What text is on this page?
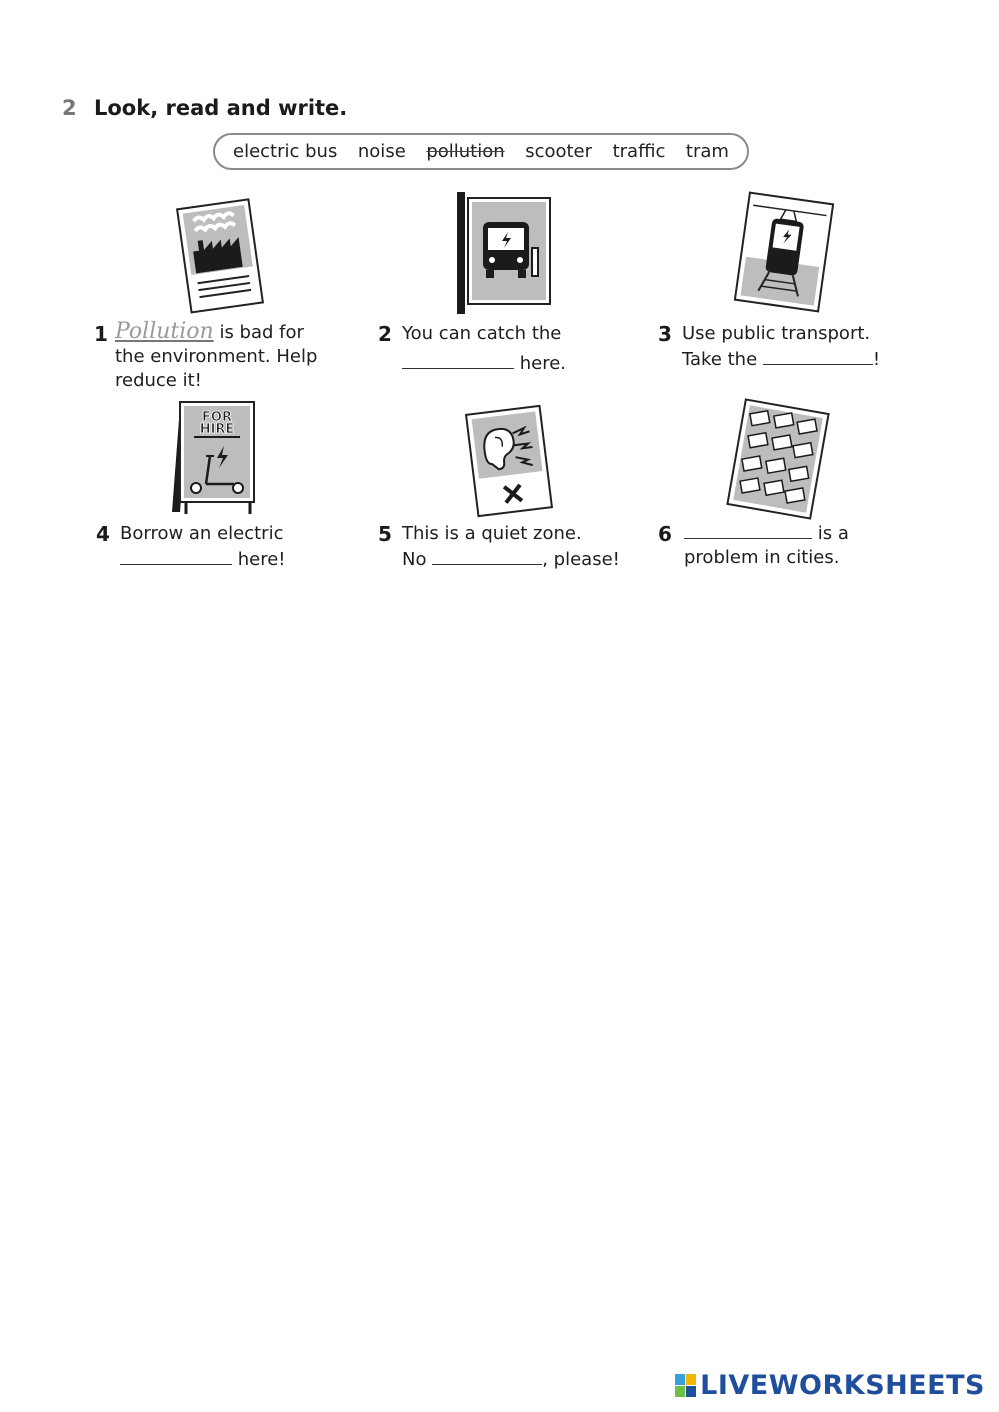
2 Look, read and write.
electric bus noise pollution scooter traffic tram
FOR
HIRE
1 Pollution is bad for
the environment. Help
reduce it!
2 You can catch the
here.
3 Use public transport.
Take the	!
4 Borrow an electric
here!
5 This is a quiet zone.
No	, please!
6	is a
problem in cities.
LIVEWORKSHEETS
